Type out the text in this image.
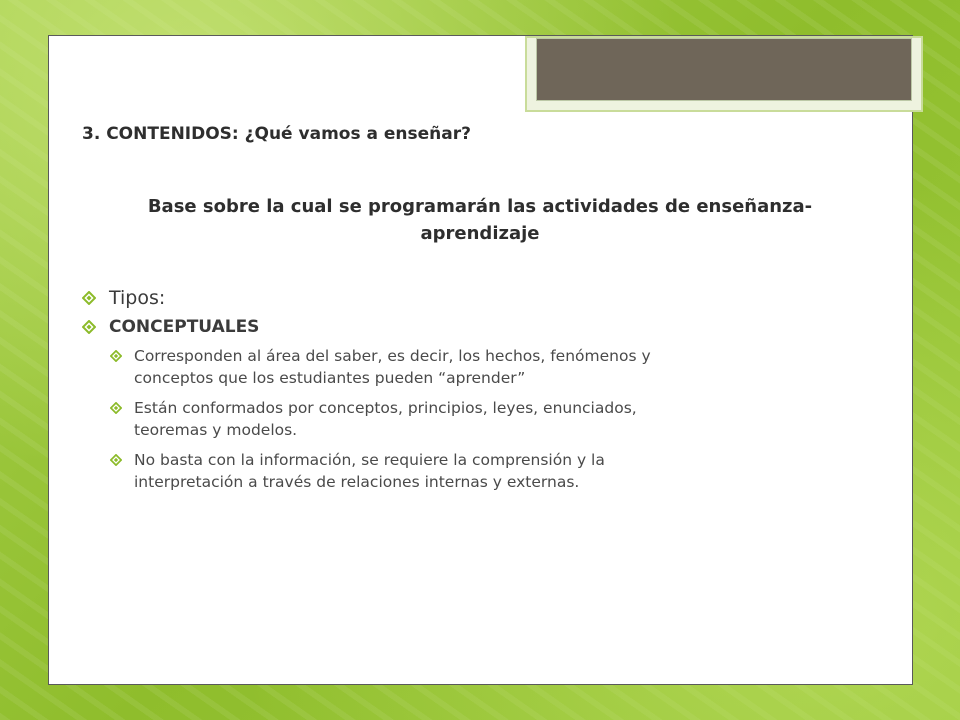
3. CONTENIDOS: ¿Qué vamos a enseñar?
Base sobre la cual se programarán las actividades de enseñanza-
aprendizaje
Tipos:
CONCEPTUALES
Corresponden al área del saber, es decir, los hechos, fenómenos y
conceptos que los estudiantes pueden “aprender”
Están conformados por conceptos, principios, leyes, enunciados,
teoremas y modelos.
No basta con la información, se requiere la comprensión y la
interpretación a través de relaciones internas y externas.
